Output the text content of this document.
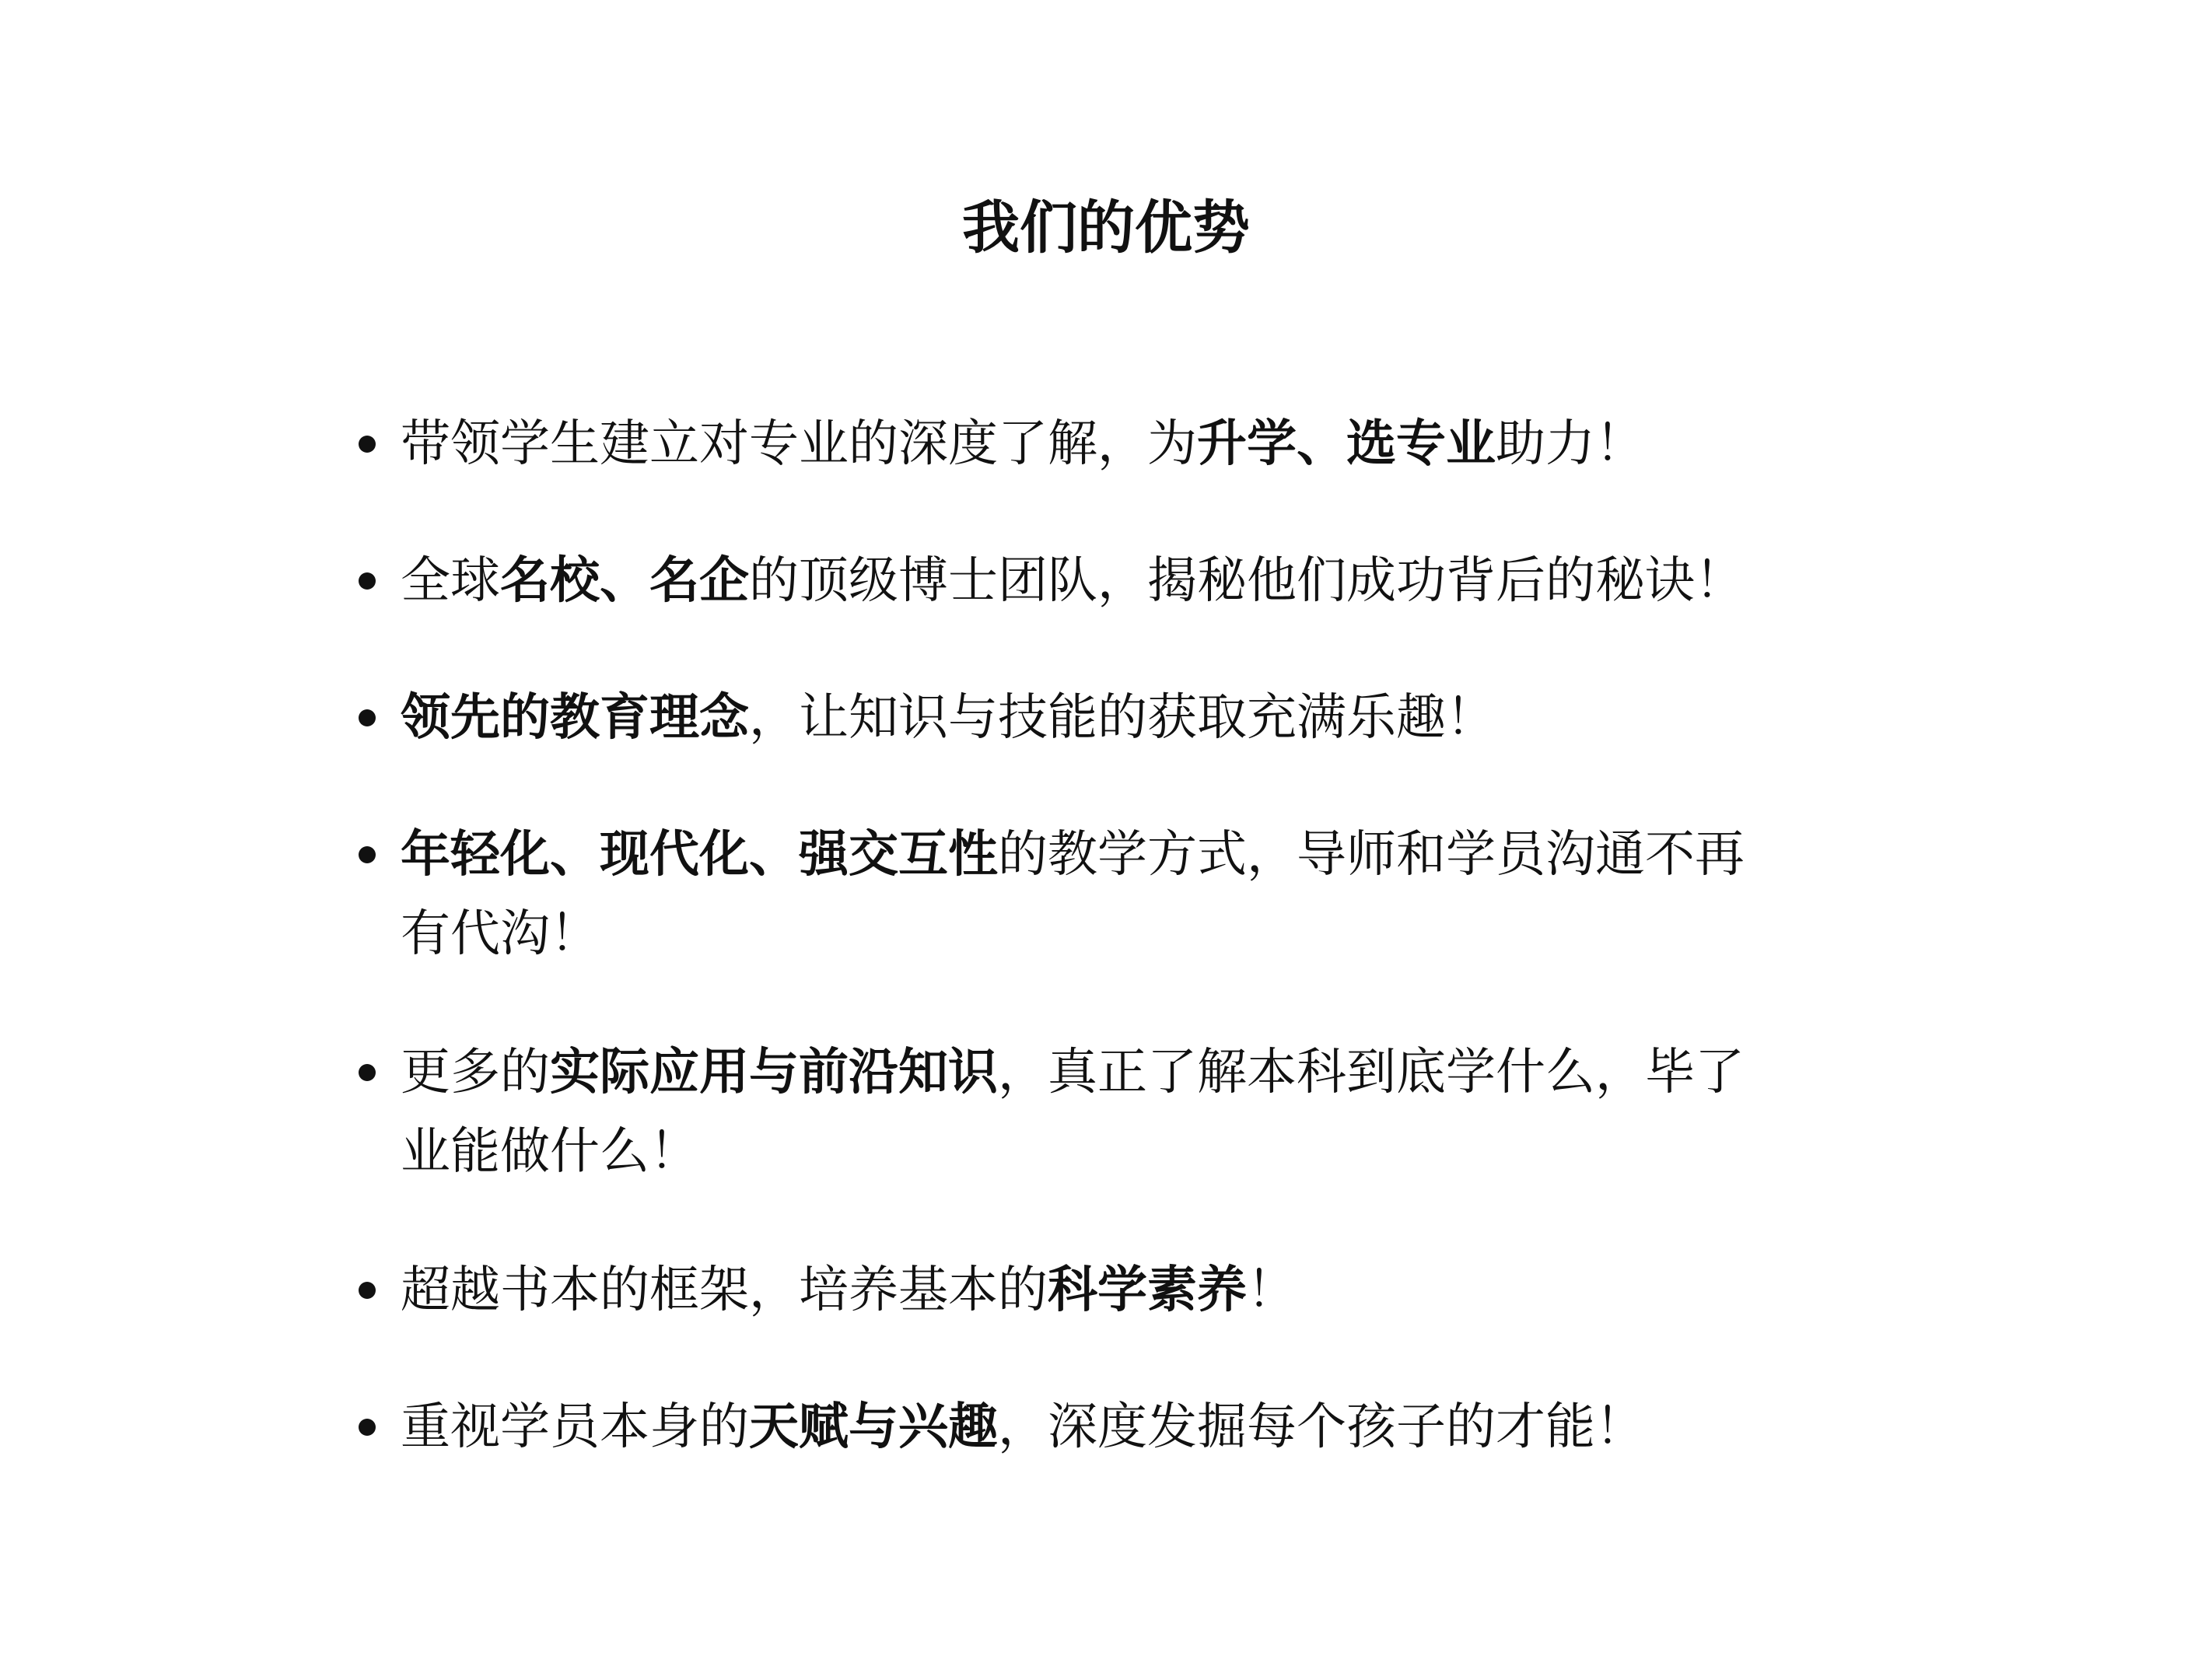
我们的优势
带领学生建立对专业的深度了解，为升学、选专业助力！
全球名校、名企的顶级博士团队，揭秘他们成功背后的秘诀！
领先的教育理念，让知识与技能的获取充满乐趣！
年轻化、现代化、强交互性的教学方式，导师和学员沟通不再
有代沟！
更多的实际应用与前沿知识，真正了解本科到底学什么，毕了
业能做什么！
超越书本的框架，培养基本的科学素养！
重视学员本身的天赋与兴趣，深度发掘每个孩子的才能！
